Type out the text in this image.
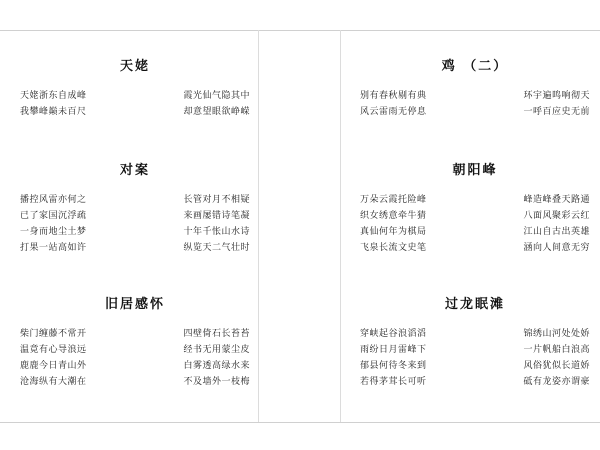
天姥
天姥浙东自成峰	霞光仙气隐其中
我攀峰巅未百尺	却意望眼欲峥嵘
对案
播控风雷亦何之	长管对月不相疑
已了家国沉浮疏	来画屡错诗笔凝
一身而地尘土梦	十年千怅山水诗
打果一站高如许	纵览天二气壮时
旧居感怀
柴门缠藤不常开	四壁倚石长苔苔
温竟有心导浪远	经书无用蒙尘皮
鹿鹿今日青山外	白雾透高绿水来
沧海纵有大潮在	不及墙外一枝梅
鸡 （二）
别有春秋剔有典	环宇遍鸣响彻天
风云雷雨无停息	一呼百应史无前
朝阳峰
万朵云霞托险峰	峰造峰叠天路通
织女绣意牵牛猜	八面风聚彩云红
真仙何年为棋局	江山自古出英雄
飞泉长流文史笔	涵向人间意无穷
过龙眠滩
穿峡起谷浪滔滔	锦绣山河处处娇
雨纷日月雷峰下	一片帆船白浪高
郁县何待冬来到	风俗犹似长道娇
若得茅茸长可听	砥有龙姿亦谓豪
